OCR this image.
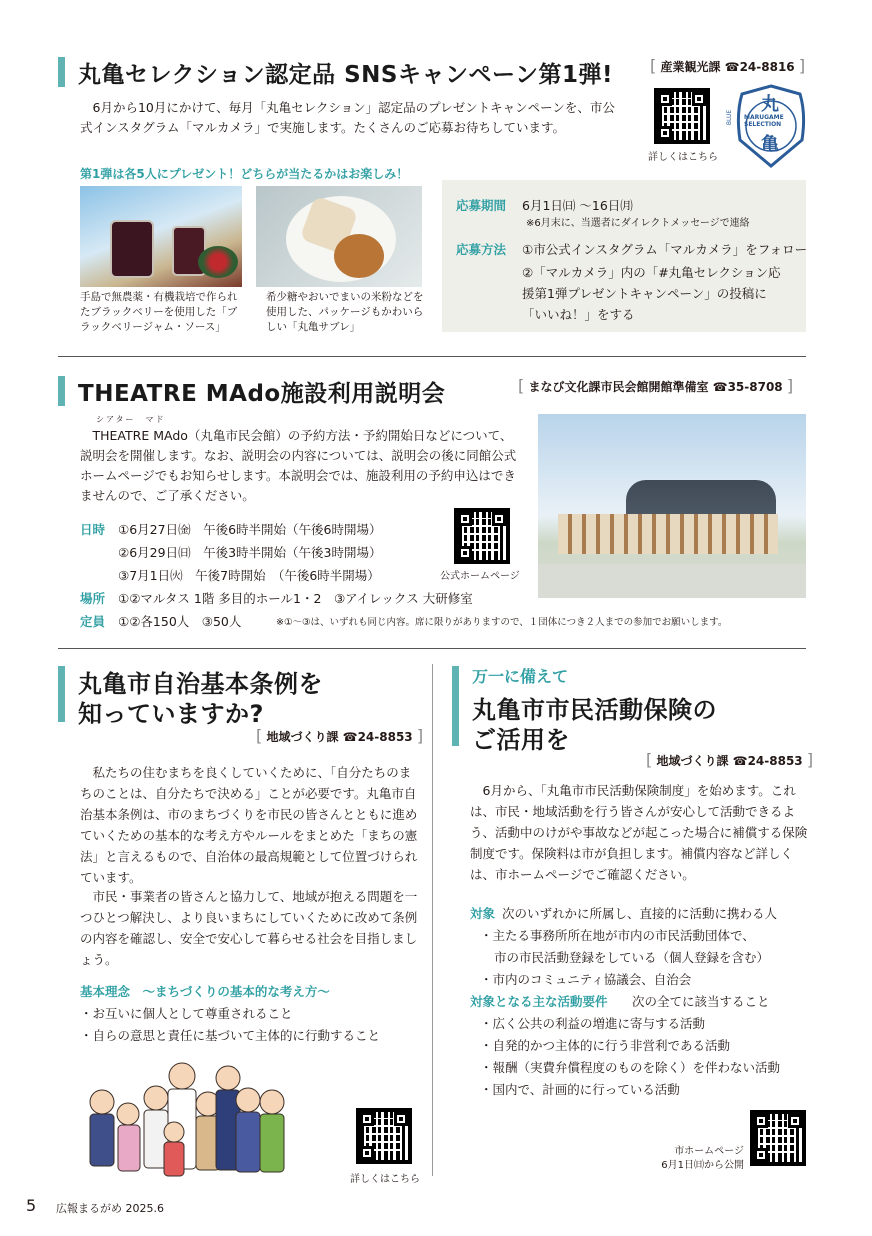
丸亀セレクション認定品 SNSキャンペーン第1弾! [ 産業観光課 ☎24-8816 ]
6月から10月にかけて、毎月「丸亀セレクション」認定品のプレゼントキャンペーンを、市公式インスタグラム「マルカメラ」で実施します。たくさんのご応募お待ちしています。
詳しくはこちら
丸
MARUGAME SELECTION
BLUE
亀
第1弾は各5人にプレゼント！どちらが当たるかはお楽しみ！
手島で無農薬・有機栽培で作られたブラックベリーを使用した「ブラックベリージャム・ソース」
希少糖やおいでまいの米粉などを使用した、パッケージもかわいらしい「丸亀サブレ」
応募期間 6月1日㈰ ～16日㈪
※6月末に、当選者にダイレクトメッセージで連絡
応募方法 ①市公式インスタグラム「マルカメラ」をフォロー
②「マルカメラ」内の「#丸亀セレクション応援第1弾プレゼントキャンペーン」の投稿に「いいね！」をする
THEATRE MAdo施設利用説明会	[ まなび文化課市民会館開館準備室 ☎35-8708 ]
シアター　マド
THEATRE MAdo（丸亀市民会館）の予約方法・予約開始日などについて、説明会を開催します。なお、説明会の内容については、説明会の後に同館公式ホームページでもお知らせします。本説明会では、施設利用の予約申込はできませんので、ご了承ください。
日時 ①6月27日㈮　午後6時半開始（午後6時開場）
②6月29日㈰　午後3時半開始（午後3時開場）
③7月1日㈫　午後7時開始　（午後6時半開場）	公式ホームページ
場所 ①②マルタス 1階 多目的ホール1・2　③アイレックス 大研修室
定員 ①②各150人　③50人	※①～③は、いずれも同じ内容。席に限りがありますので、１団体につき２人までの参加でお願いします。
丸亀市自治基本条例を
知っていますか?
[ 地域づくり課 ☎24-8853 ]
私たちの住むまちを良くしていくために、「自分たちのまちのことは、自分たちで決める」ことが必要です。丸亀市自治基本条例は、市のまちづくりを市民の皆さんとともに進めていくための基本的な考え方やルールをまとめた「まちの憲法」と言えるもので、自治体の最高規範として位置づけられています。
市民・事業者の皆さんと協力して、地域が抱える問題を一つひとつ解決し、より良いまちにしていくために改めて条例の内容を確認し、安全で安心して暮らせる社会を目指しましょう。
基本理念　～まちづくりの基本的な考え方～
・お互いに個人として尊重されること
・自らの意思と責任に基づいて主体的に行動すること
詳しくはこちら
万一に備えて
丸亀市市民活動保険の
ご活用を
[ 地域づくり課 ☎24-8853 ]
6月から、「丸亀市市民活動保険制度」を始めます。これは、市民・地域活動を行う皆さんが安心して活動できるよう、活動中のけがや事故などが起こった場合に補償する保険制度です。保険料は市が負担します。補償内容など詳しくは、市ホームページでご確認ください。
対象 次のいずれかに所属し、直接的に活動に携わる人
・主たる事務所所在地が市内の市民活動団体で、
市の市民活動登録をしている（個人登録を含む）
・市内のコミュニティ協議会、自治会
対象となる主な活動要件 次の全てに該当すること
・広く公共の利益の増進に寄与する活動
・自発的かつ主体的に行う非営利である活動
・報酬（実費弁償程度のものを除く）を伴わない活動
・国内で、計画的に行っている活動
市ホームページ
6月1日㈰から公開
5 広報まるがめ 2025.6
